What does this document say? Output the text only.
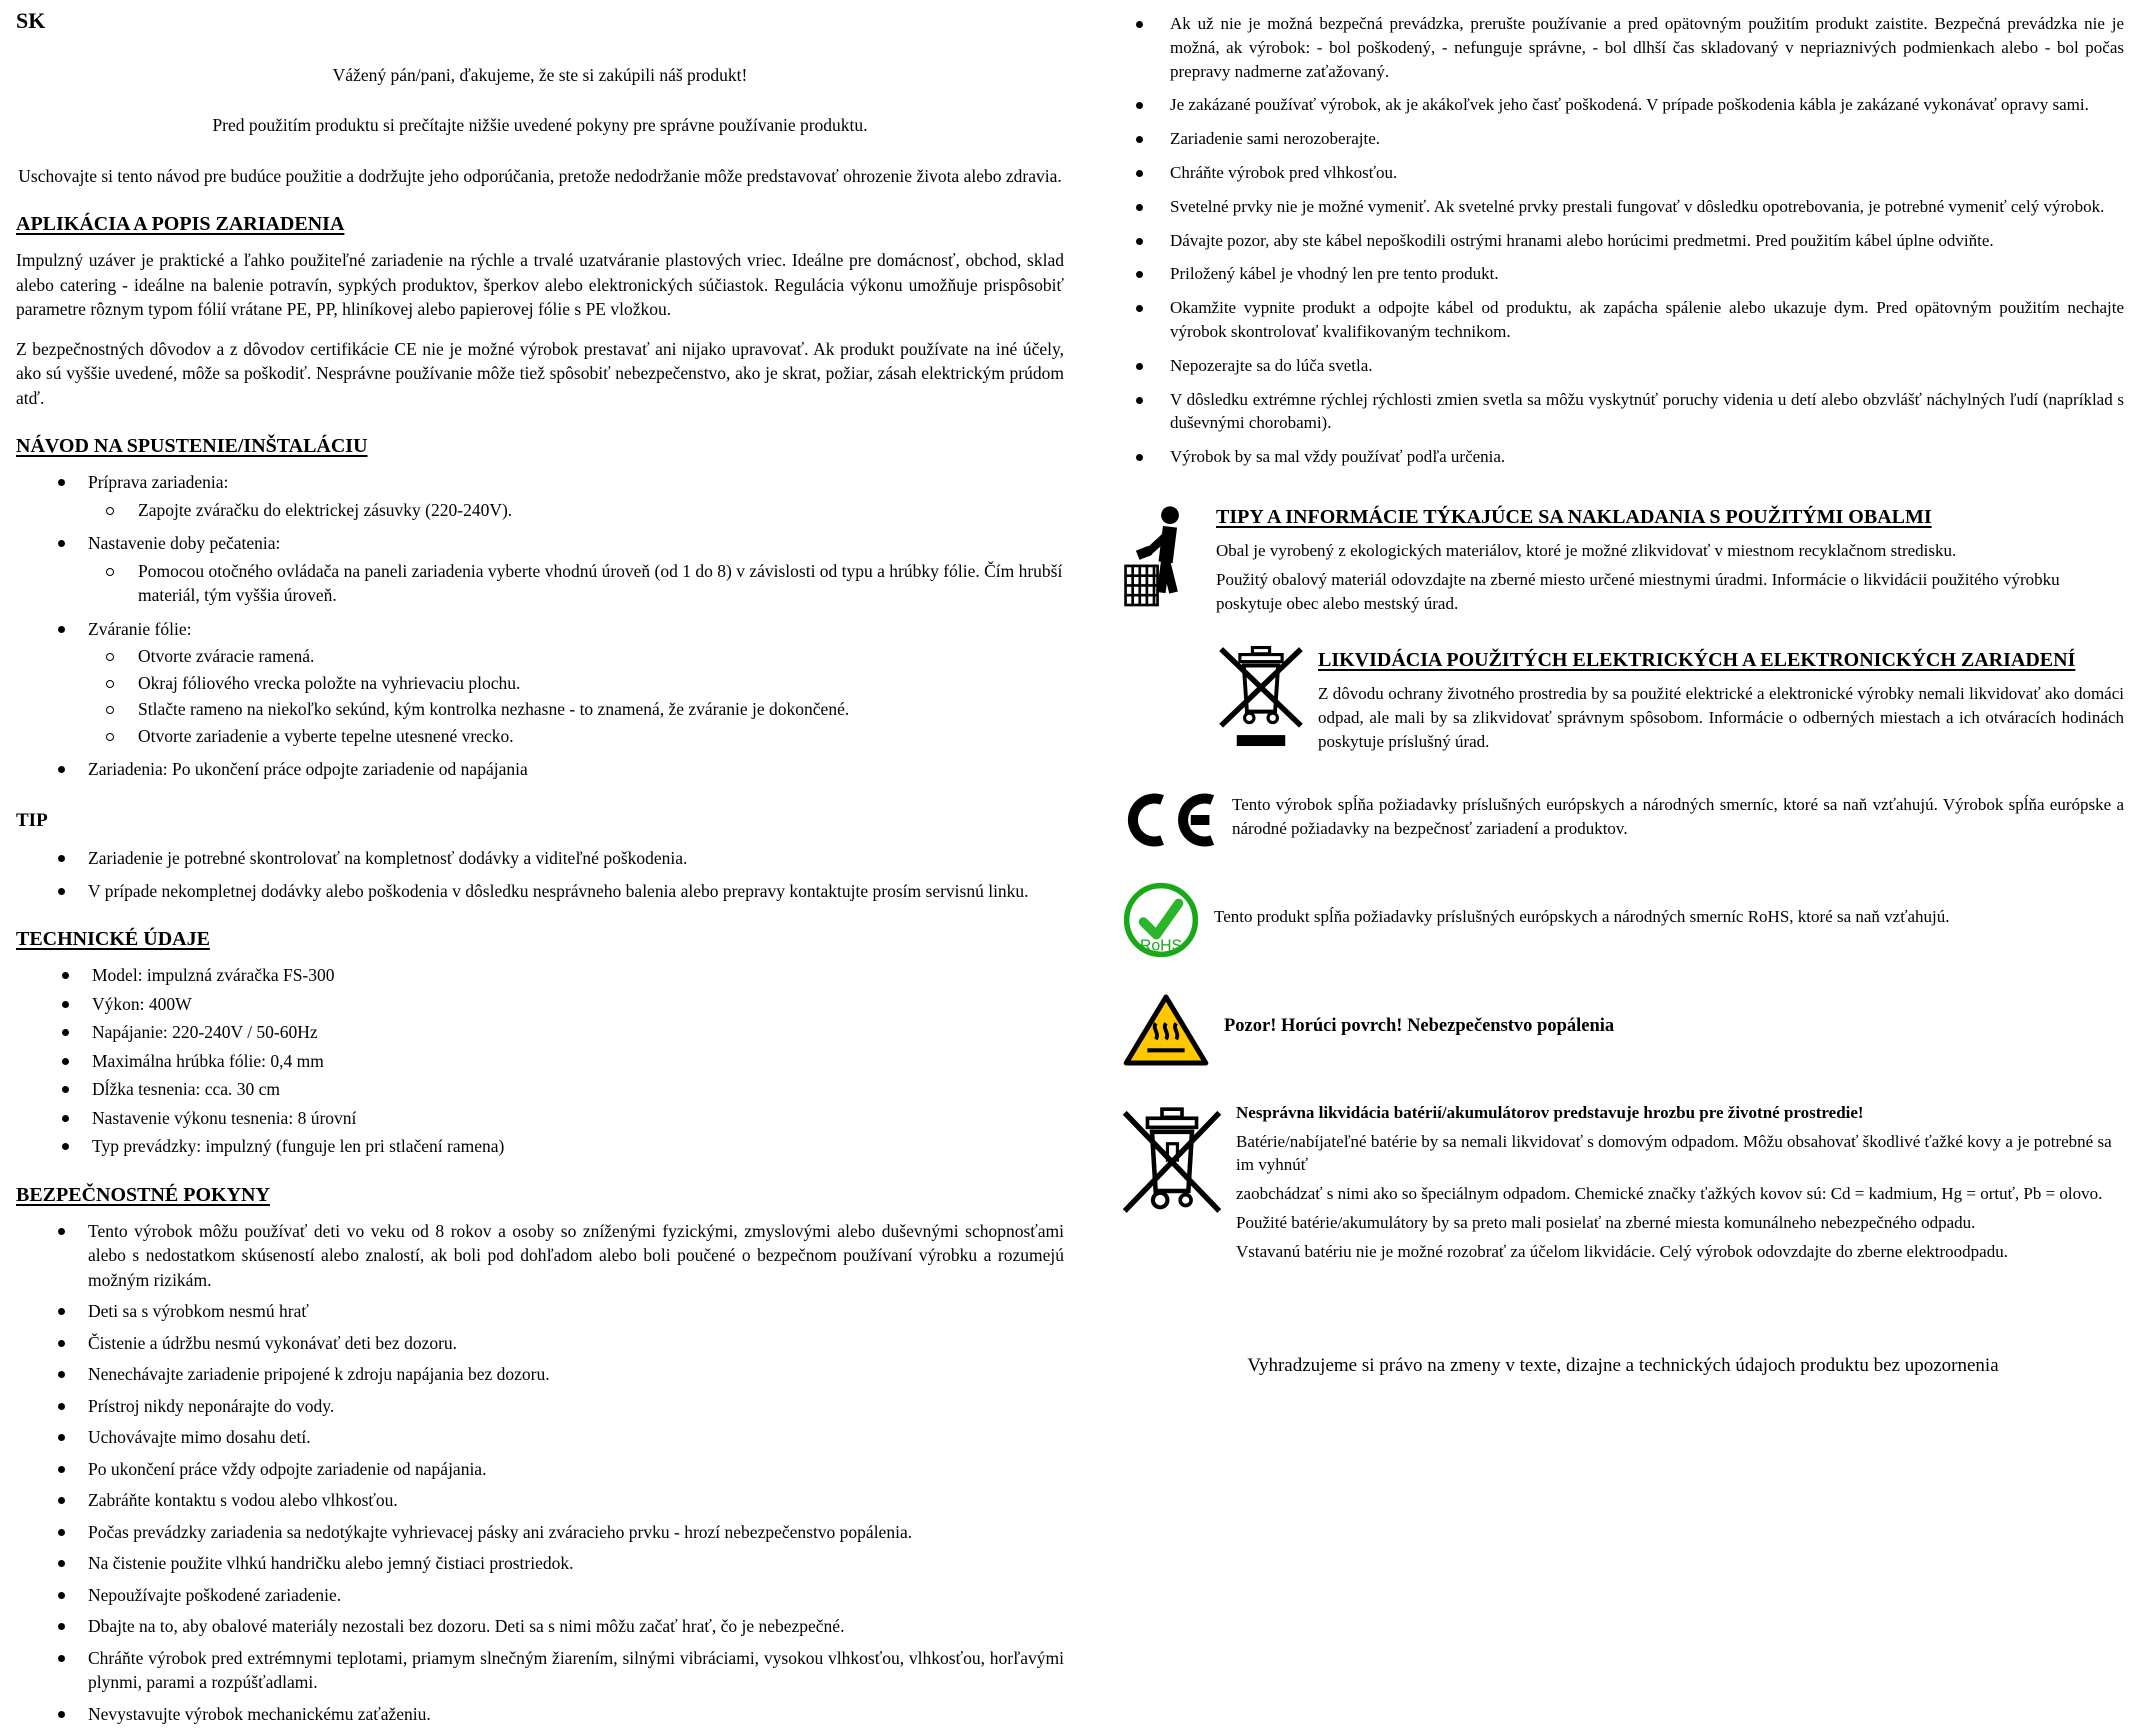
SK

Vážený pán/pani, ďakujeme, že ste si zakúpili náš produkt!

Pred použitím produktu si prečítajte nižšie uvedené pokyny pre správne používanie produktu.

Uschovajte si tento návod pre budúce použitie a dodržujte jeho odporúčania, pretože nedodržanie môže predstavovať ohrozenie života alebo zdravia.

APLIKÁCIA A POPIS ZARIADENIA

Impulzný uzáver je praktické a ľahko použiteľné zariadenie na rýchle a trvalé uzatváranie plastových vriec. Ideálne pre domácnosť, obchod, sklad alebo catering - ideálne na balenie potravín, sypkých produktov, šperkov alebo elektronických súčiastok. Regulácia výkonu umožňuje prispôsobiť parametre rôznym typom fólií vrátane PE, PP, hliníkovej alebo papierovej fólie s PE vložkou.

Z bezpečnostných dôvodov a z dôvodov certifikácie CE nie je možné výrobok prestavať ani nijako upravovať. Ak produkt používate na iné účely, ako sú vyššie uvedené, môže sa poškodiť. Nesprávne používanie môže tiež spôsobiť nebezpečenstvo, ako je skrat, požiar, zásah elektrickým prúdom atď.

NÁVOD NA SPUSTENIE/INŠTALÁCIU
Príprava zariadenia:
Zapojte zváračku do elektrickej zásuvky (220-240V).
Nastavenie doby pečatenia:
Pomocou otočného ovládača na paneli zariadenia vyberte vhodnú úroveň (od 1 do 8) v závislosti od typu a hrúbky fólie. Čím hrubší materiál, tým vyššia úroveň.
Zváranie fólie:
Otvorte zváracie ramená.
Okraj fóliového vrecka položte na vyhrievaciu plochu.
Stlačte rameno na niekoľko sekúnd, kým kontrolka nezhasne - to znamená, že zváranie je dokončené.
Otvorte zariadenie a vyberte tepelne utesnené vrecko.
Zariadenia: Po ukončení práce odpojte zariadenie od napájania
TIP
Zariadenie je potrebné skontrolovať na kompletnosť dodávky a viditeľné poškodenia.
V prípade nekompletnej dodávky alebo poškodenia v dôsledku nesprávneho balenia alebo prepravy kontaktujte prosím servisnú linku.
TECHNICKÉ ÚDAJE
Model: impulzná zváračka FS-300
Výkon: 400W
Napájanie: 220-240V / 50-60Hz
Maximálna hrúbka fólie: 0,4 mm
Dĺžka tesnenia: cca. 30 cm
Nastavenie výkonu tesnenia: 8 úrovní
Typ prevádzky: impulzný (funguje len pri stlačení ramena)
BEZPEČNOSTNÉ POKYNY
Tento výrobok môžu používať deti vo veku od 8 rokov a osoby so zníženými fyzickými, zmyslovými alebo duševnými schopnosťami alebo s nedostatkom skúseností alebo znalostí, ak boli pod dohľadom alebo boli poučené o bezpečnom používaní výrobku a rozumejú možným rizikám.
Deti sa s výrobkom nesmú hrať
Čistenie a údržbu nesmú vykonávať deti bez dozoru.
Nenechávajte zariadenie pripojené k zdroju napájania bez dozoru.
Prístroj nikdy neponárajte do vody.
Uchovávajte mimo dosahu detí.
Po ukončení práce vždy odpojte zariadenie od napájania.
Zabráňte kontaktu s vodou alebo vlhkosťou.
Počas prevádzky zariadenia sa nedotýkajte vyhrievacej pásky ani zváracieho prvku - hrozí nebezpečenstvo popálenia.
Na čistenie použite vlhkú handričku alebo jemný čistiaci prostriedok.
Nepoužívajte poškodené zariadenie.
Dbajte na to, aby obalové materiály nezostali bez dozoru. Deti sa s nimi môžu začať hrať, čo je nebezpečné.
Chráňte výrobok pred extrémnymi teplotami, priamym slnečným žiarením, silnými vibráciami, vysokou vlhkosťou, vlhkosťou, horľavými plynmi, parami a rozpúšťadlami.
Nevystavujte výrobok mechanickému zaťaženiu.
Ak už nie je možná bezpečná prevádzka, prerušte používanie a pred opätovným použitím produkt zaistite. Bezpečná prevádzka nie je možná, ak výrobok: - bol poškodený, - nefunguje správne, - bol dlhší čas skladovaný v nepriaznivých podmienkach alebo - bol počas prepravy nadmerne zaťažovaný.
Je zakázané používať výrobok, ak je akákoľvek jeho časť poškodená. V prípade poškodenia kábla je zakázané vykonávať opravy sami.
Zariadenie sami nerozoberajte.
Chráňte výrobok pred vlhkosťou.
Svetelné prvky nie je možné vymeniť. Ak svetelné prvky prestali fungovať v dôsledku opotrebovania, je potrebné vymeniť celý výrobok.
Dávajte pozor, aby ste kábel nepoškodili ostrými hranami alebo horúcimi predmetmi. Pred použitím kábel úplne odviňte.
Priložený kábel je vhodný len pre tento produkt.
Okamžite vypnite produkt a odpojte kábel od produktu, ak zapácha spálenie alebo ukazuje dym. Pred opätovným použitím nechajte výrobok skontrolovať kvalifikovaným technikom.
Nepozerajte sa do lúča svetla.
V dôsledku extrémne rýchlej rýchlosti zmien svetla sa môžu vyskytnúť poruchy videnia u detí alebo obzvlášť náchylných ľudí (napríklad s duševnými chorobami).
Výrobok by sa mal vždy používať podľa určenia.
TIPY A INFORMÁCIE TÝKAJÚCE SA NAKLADANIA S POUŽITÝMI OBALMI

Obal je vyrobený z ekologických materiálov, ktoré je možné zlikvidovať v miestnom recyklačnom stredisku.

Použitý obalový materiál odovzdajte na zberné miesto určené miestnymi úradmi. Informácie o likvidácii použitého výrobku poskytuje obec alebo mestský úrad.

LIKVIDÁCIA POUŽITÝCH ELEKTRICKÝCH A ELEKTRONICKÝCH ZARIADENÍ

Z dôvodu ochrany životného prostredia by sa použité elektrické a elektronické výrobky nemali likvidovať ako domáci odpad, ale mali by sa zlikvidovať správnym spôsobom. Informácie o odberných miestach a ich otváracích hodinách poskytuje príslušný úrad.

Tento výrobok spĺňa požiadavky príslušných európskych a národných smerníc, ktoré sa naň vzťahujú. Výrobok spĺňa európske a národné požiadavky na bezpečnosť zariadení a produktov.

RoHS

Tento produkt spĺňa požiadavky príslušných európskych a národných smerníc RoHS, ktoré sa naň vzťahujú.

Pozor! Horúci povrch! Nebezpečenstvo popálenia

Nesprávna likvidácia batérií/akumulátorov predstavuje hrozbu pre životné prostredie!

Batérie/nabíjateľné batérie by sa nemali likvidovať s domovým odpadom. Môžu obsahovať škodlivé ťažké kovy a je potrebné sa im vyhnúť

zaobchádzať s nimi ako so špeciálnym odpadom. Chemické značky ťažkých kovov sú: Cd = kadmium, Hg = ortuť, Pb = olovo.

Použité batérie/akumulátory by sa preto mali posielať na zberné miesta komunálneho nebezpečného odpadu.

Vstavanú batériu nie je možné rozobrať za účelom likvidácie. Celý výrobok odovzdajte do zberne elektroodpadu.

Vyhradzujeme si právo na zmeny v texte, dizajne a technických údajoch produktu bez upozornenia
